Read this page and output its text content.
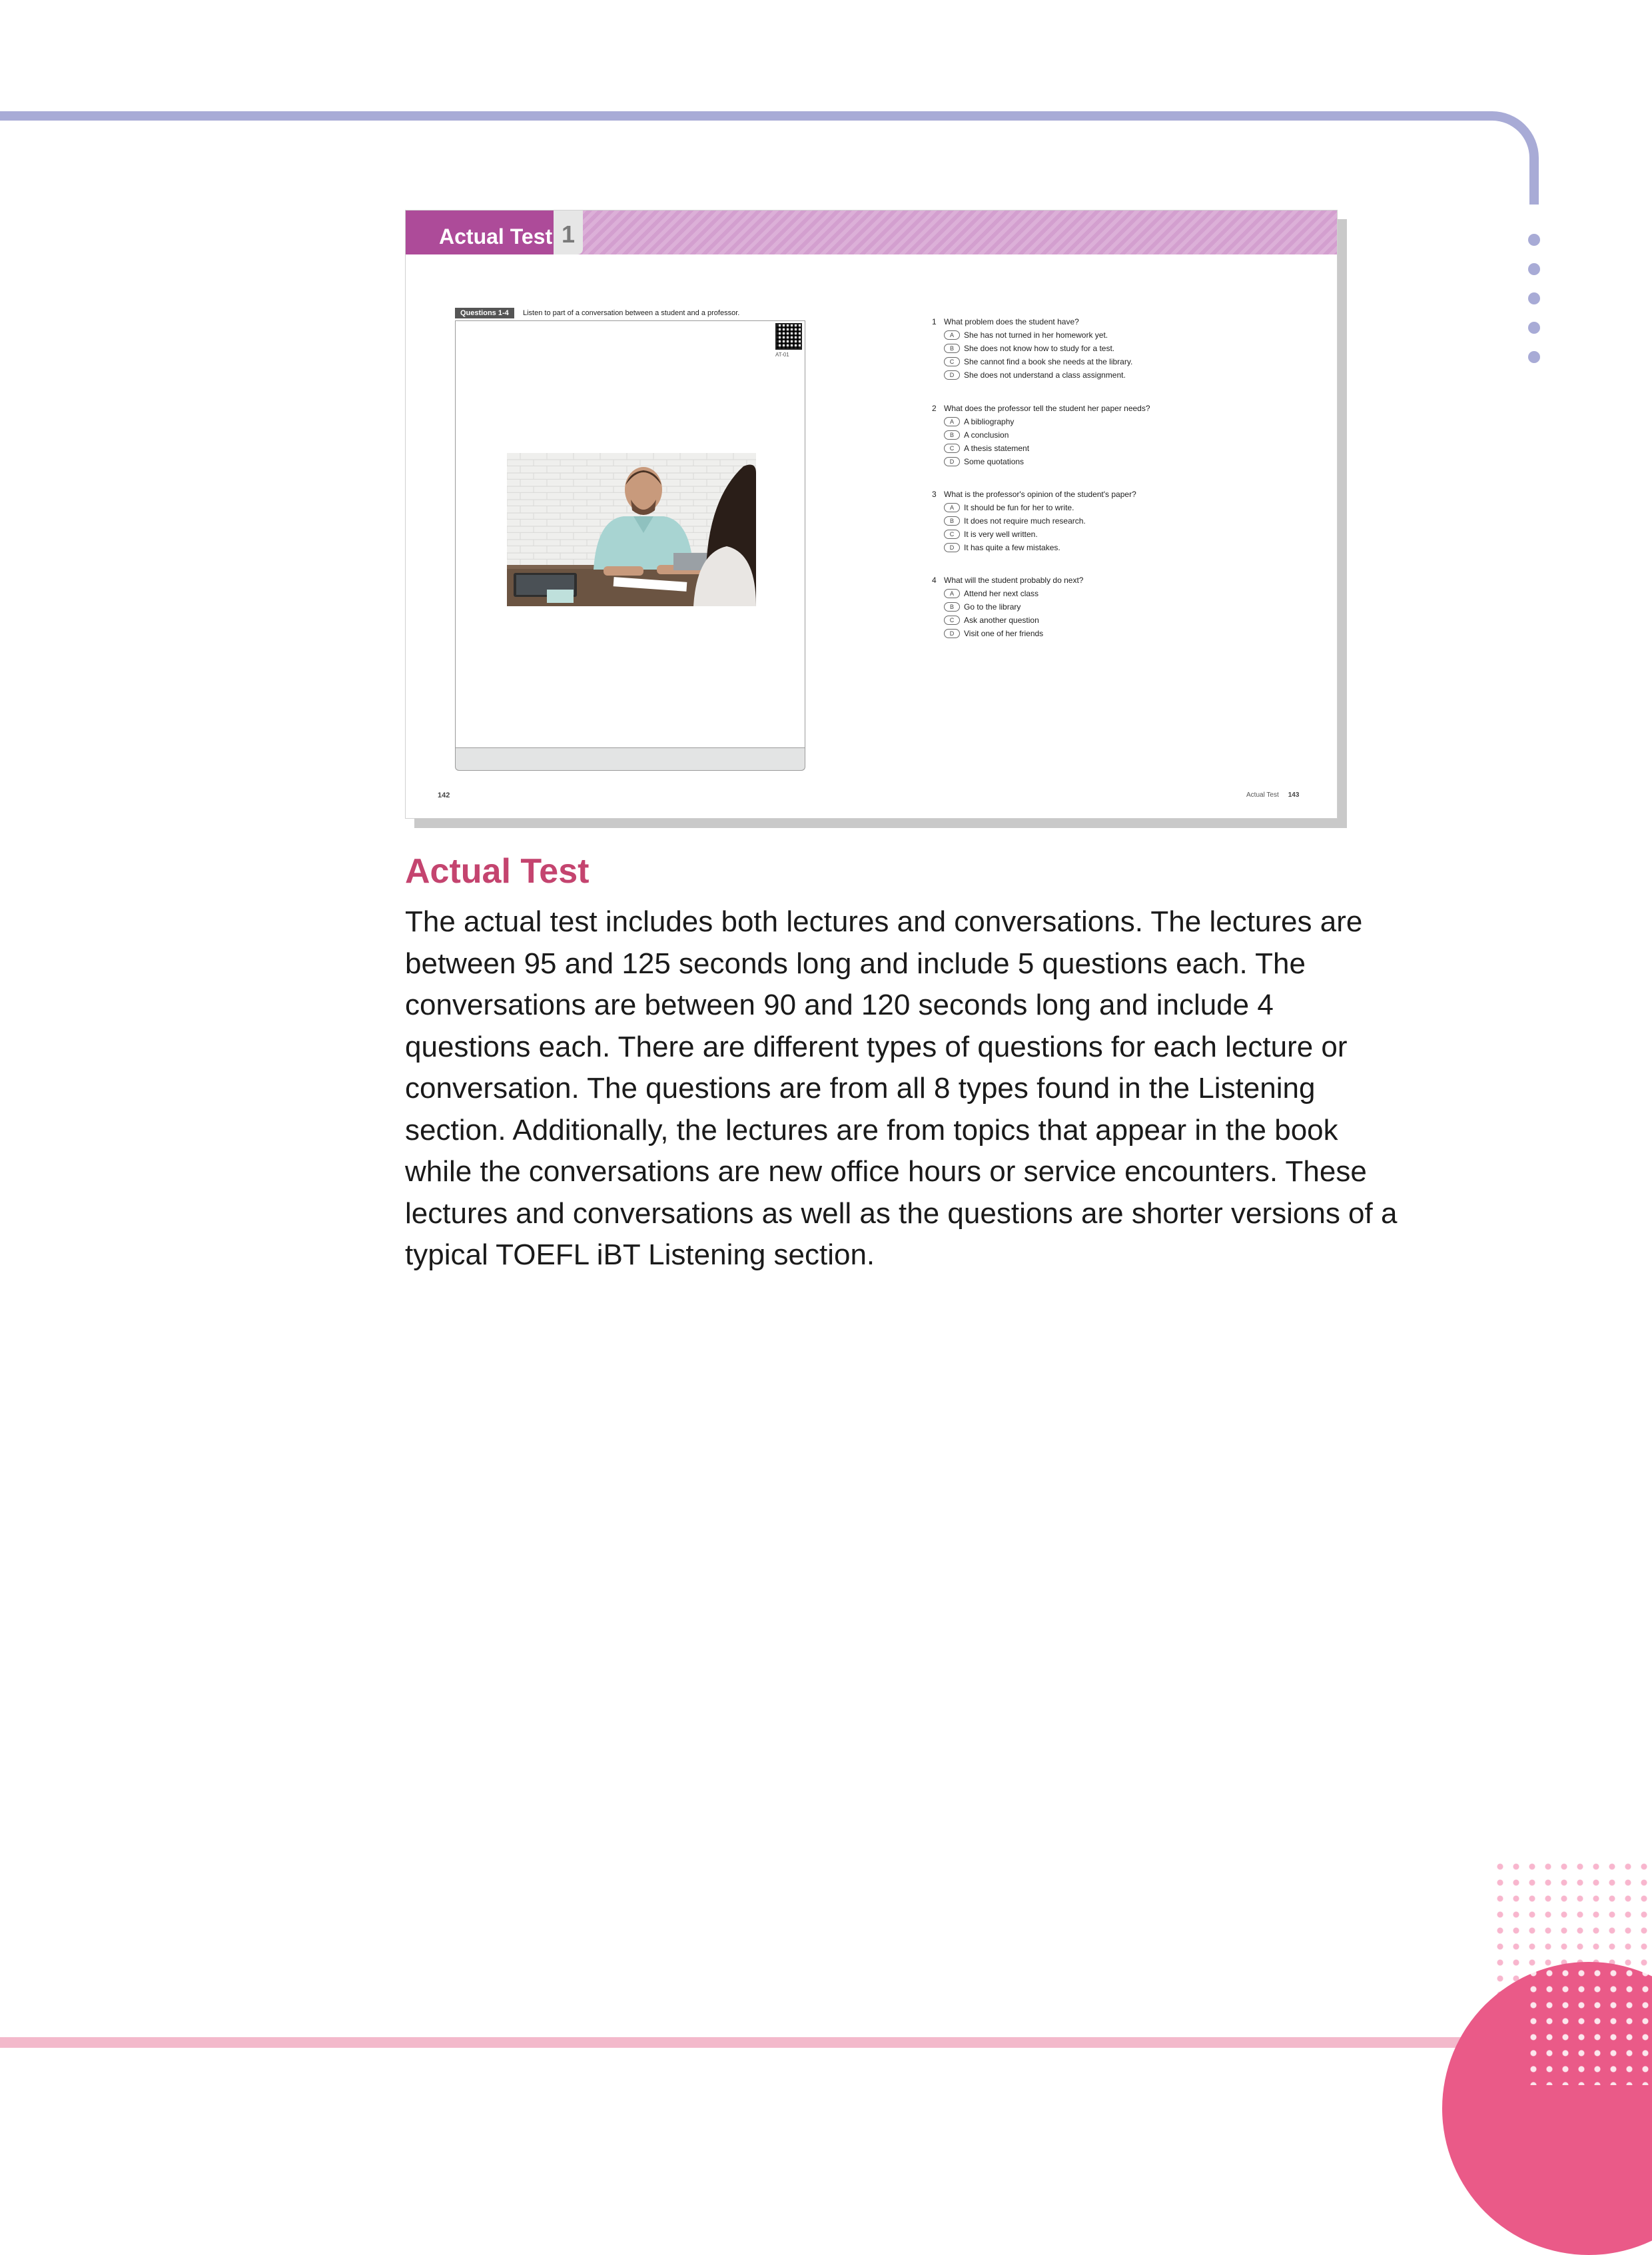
Actual Test 1
Questions 1-4	Listen to part of a conversation between a student and a professor.
AT-01
1 What problem does the student have?
A	She has not turned in her homework yet.
B	She does not know how to study for a test.
C	She cannot find a book she needs at the library.
D	She does not understand a class assignment.
2 What does the professor tell the student her paper needs?
A	A bibliography
B	A conclusion
C	A thesis statement
D	Some quotations
3 What is the professor's opinion of the student's paper?
A	It should be fun for her to write.
B	It does not require much research.
C	It is very well written.
D	It has quite a few mistakes.
4 What will the student probably do next?
A	Attend her next class
B	Go to the library
C	Ask another question
D	Visit one of her friends
142	Actual Test 143
Actual Test
The actual test includes both lectures and conversations. The lectures are between 95 and 125 seconds long and include 5 questions each. The conversations are between 90 and 120 seconds long and include 4 questions each. There are different types of questions for each lecture or conversation. The questions are from all 8 types found in the Listening section. Additionally, the lectures are from topics that appear in the book while the conversations are new office hours or service encounters. These lectures and conversations as well as the questions are shorter versions of a typical TOEFL iBT Listening section.
